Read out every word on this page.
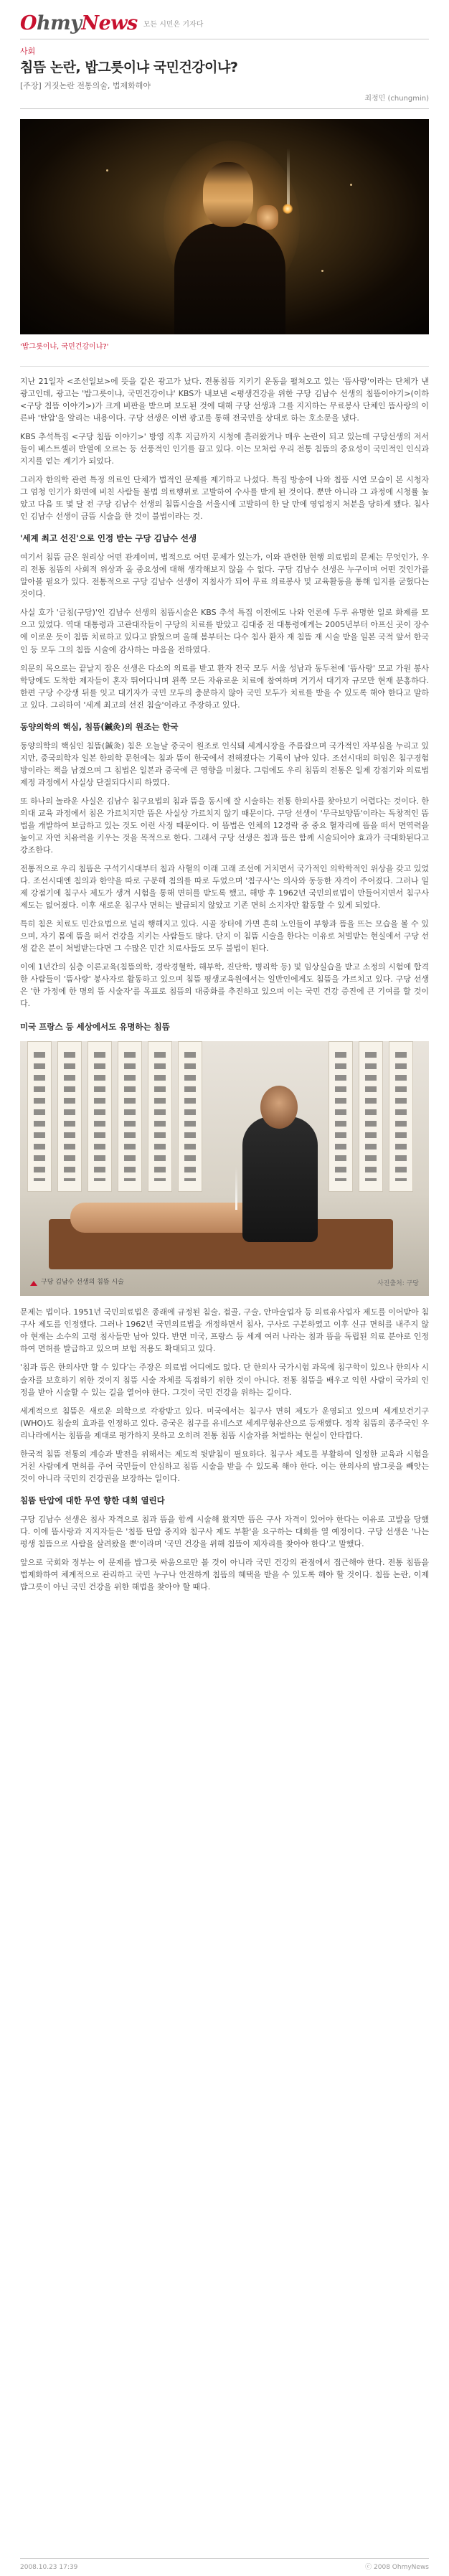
OhmyNews 모든 시민은 기자다
사회
침뜸 논란, 밥그릇이냐 국민건강이냐?
[주장] 거짓논란 전통의술, 법제화해야
최정민 (chungmin)
'밥그릇이냐, 국민건강이냐?'

지난 21일자 <조선일보>에 뜻을 같은 광고가 났다. 전통침뜸 지키기 운동을 펼쳐오고 있는 '뜸사랑'이라는 단체가 낸 광고인데, 광고는 '밥그릇이냐, 국민건강이냐' KBS가 내보낸 <평생건강을 위한 구당 김남수 선생의 침뜸이야기>(이하 <구당 침뜸 이야기>)가 크게 비판을 받으며 보도된 것에 대해 구당 선생과 그를 지지하는 무료봉사 단체인 뜸사랑의 이른바 '탄압'을 알리는 내용이다. 구당 선생은 이번 광고를 통해 전국민을 상대로 하는 호소문을 냈다.

KBS 추석특집 <구당 침뜸 이야기>' 방영 직후 지금까지 시청에 흘러왔거나 매우 논란이 되고 있는데 구당선생의 저서들이 베스트셀러 반열에 오르는 등 선풍적인 인기를 끌고 있다. 이는 모처럼 우리 전통 침뜸의 중요성이 국민적인 인식과 지지를 얻는 계기가 되었다.

그러자 한의학 관련 특정 의료인 단체가 법적인 문제를 제기하고 나섰다. 특집 방송에 나와 침뜸 시연 모습이 본 시청자 그 엄청 인기가 화면에 비친 사람들 불법 의료행위로 고발하여 수사를 받게 된 것이다. 뿐만 아니라 그 과정에 시청률 높았고 다음 또 몇 달 전 구당 김남수 선생의 침뜸시술을 서울시에 고발하여 한 달 만에 영업정지 처분을 당하게 됐다. 침사인 김남수 선생이 금뜸 시술을 한 것이 불법이라는 것.

'세계 최고 선진'으로 인정 받는 구당 김남수 선생

여기서 침뜸 금은 원리상 어떤 관계이며, 법적으로 어떤 문제가 있는가, 이와 관련한 현행 의료법의 문제는 무엇인가, 우리 전통 침뜸의 사회적 위상과 올 중요성에 대해 생각해보지 않을 수 없다. 구당 김남수 선생은 누구이며 어떤 것인가를 알아볼 필요가 있다. 전통적으로 구당 김남수 선생이 지침사가 되어 무료 의료봉사 및 교육활동을 통해 입지를 굳혔다는 것이다.

사실 호가 '금침(구당)'인 김남수 선생의 침뜸시술은 KBS 추석 특집 이전에도 나와 언론에 두루 유명한 일로 화제를 모으고 있었다. 역대 대통령과 고관대작들이 구당의 치료를 받았고 김대중 전 대통령에게는 2005년부터 아프신 곳이 장수에 이로운 듯이 침뜸 치료하고 있다고 밝혔으며 올해 봄부터는 다수 침사 환자 재 침뜸 재 시술 받을 일본 국적 앞서 한국인 등 모두 그의 침뜸 시술에 감사하는 마음을 전하였다.

의문의 목으로는 끝날지 잡은 선생은 다소의 의료를 받고 환자 전국 모두 서울 성남과 동두천에 '뜸사랑' 모교 가원 봉사 학당에도 도착한 제자들이 혼자 뛰어다니며 왼쪽 모든 자유로운 치료에 참여하며 거기서 대기자 규모만 현재 분홍하다. 한편 구당 수강생 뒤를 잇고 대기자가 국민 모두의 충분하지 않아 국민 모두가 치료를 받을 수 있도록 해야 한다고 말하고 있다. 그리하여 '세계 최고의 선진 침술'이라고 주장하고 있다.

동양의학의 핵심, 침뜸(鍼灸)의 원조는 한국

동양의학의 핵심인 침뜸(鍼灸) 침은 오늘날 중국이 원조로 인식돼 세계시장을 주름잡으며 국가적인 자부심을 누리고 있지만, 중국의학자 일본 한의학 문헌에는 침과 뜸이 한국에서 전해졌다는 기록이 남아 있다. 조선시대의 허임은 침구경험방이라는 책을 남겼으며 그 침법은 일본과 중국에 큰 영향을 미쳤다. 그럼에도 우리 침뜸의 전통은 일제 강점기와 의료법 제정 과정에서 사실상 단절되다시피 하였다.

또 하나의 놀라운 사실은 김남수 침구요법의 침과 뜸을 동시에 잘 시술하는 전통 한의사를 찾아보기 어렵다는 것이다. 한의대 교육 과정에서 침은 가르치지만 뜸은 사실상 가르치지 않기 때문이다. 구당 선생이 '무극보양뜸'이라는 독창적인 뜸법을 개발하여 보급하고 있는 것도 이런 사정 때문이다. 이 뜸법은 인체의 12경락 중 중요 혈자리에 뜸을 떠서 면역력을 높이고 자연 치유력을 키우는 것을 목적으로 한다. 그래서 구당 선생은 침과 뜸은 함께 시술되어야 효과가 극대화된다고 강조한다.

전통적으로 우리 침뜸은 구석기시대부터 침과 사혈의 이래 고래 조선에 거치면서 국가적인 의학학적인 위상을 갖고 있었다. 조선시대엔 침의과 한약을 따로 구분해 침의를 따로 두었으며 '침구사'는 의사와 동등한 자격이 주어졌다. 그러나 일제 강점기에 침구사 제도가 생겨 시험을 통해 면허를 받도록 했고, 해방 후 1962년 국민의료법이 만들어지면서 침구사 제도는 없어졌다. 이후 새로운 침구사 면허는 발급되지 않았고 기존 면허 소지자만 활동할 수 있게 되었다.

특히 침은 치료도 민간요법으로 널리 행해지고 있다. 시골 장터에 가면 흔히 노인들이 부항과 뜸을 뜨는 모습을 볼 수 있으며, 자기 몸에 뜸을 떠서 건강을 지키는 사람들도 많다. 단지 이 침뜸 시술을 한다는 이유로 처벌받는 현실에서 구당 선생 같은 분이 처벌받는다면 그 수많은 민간 치료사들도 모두 불법이 된다.

이에 1년간의 심층 이론교육(침뜸의학, 경락경혈학, 해부학, 진단학, 병리학 등) 및 임상실습을 받고 소정의 시험에 합격한 사람들이 '뜸사랑' 봉사자로 활동하고 있으며 침뜸 평생교육원에서는 일반인에게도 침뜸을 가르치고 있다. 구당 선생은 '한 가정에 한 명의 뜸 시술자'를 목표로 침뜸의 대중화를 추진하고 있으며 이는 국민 건강 증진에 큰 기여를 할 것이다.

미국 프랑스 등 세상에서도 유명하는 침뜸
구당 김남수 선생의 침뜸 시술	사진출처: 구당

문제는 법이다. 1951년 국민의료법은 종래에 규정된 침술, 접골, 구술, 안마술업자 등 의료유사업자 제도를 이어받아 침구사 제도를 인정했다. 그러나 1962년 국민의료법을 개정하면서 침사, 구사로 구분하였고 이후 신규 면허를 내주지 않아 현재는 소수의 고령 침사들만 남아 있다. 반면 미국, 프랑스 등 세계 여러 나라는 침과 뜸을 독립된 의료 분야로 인정하여 면허를 발급하고 있으며 보험 적용도 확대되고 있다.

'침과 뜸은 한의사만 할 수 있다'는 주장은 의료법 어디에도 없다. 단 한의사 국가시험 과목에 침구학이 있으나 한의사 시술자를 보호하기 위한 것이지 침뜸 시술 자체를 독점하기 위한 것이 아니다. 전통 침뜸을 배우고 익힌 사람이 국가의 인정을 받아 시술할 수 있는 길을 열어야 한다. 그것이 국민 건강을 위하는 길이다.

세계적으로 침뜸은 새로운 의학으로 각광받고 있다. 미국에서는 침구사 면허 제도가 운영되고 있으며 세계보건기구(WHO)도 침술의 효과를 인정하고 있다. 중국은 침구를 유네스코 세계무형유산으로 등재했다. 정작 침뜸의 종주국인 우리나라에서는 침뜸을 제대로 평가하지 못하고 오히려 전통 침뜸 시술자를 처벌하는 현실이 안타깝다.

한국적 침뜸 전통의 계승과 발전을 위해서는 제도적 뒷받침이 필요하다. 침구사 제도를 부활하여 일정한 교육과 시험을 거친 사람에게 면허를 주어 국민들이 안심하고 침뜸 시술을 받을 수 있도록 해야 한다. 이는 한의사의 밥그릇을 빼앗는 것이 아니라 국민의 건강권을 보장하는 일이다.

침뜸 탄압에 대한 무연 향한 대회 열린다

구당 김남수 선생은 침사 자격으로 침과 뜸을 함께 시술해 왔지만 뜸은 구사 자격이 있어야 한다는 이유로 고발을 당했다. 이에 뜸사랑과 지지자들은 '침뜸 탄압 중지와 침구사 제도 부활'을 요구하는 대회를 열 예정이다. 구당 선생은 '나는 평생 침뜸으로 사람을 살려왔을 뿐'이라며 '국민 건강을 위해 침뜸이 제자리를 찾아야 한다'고 말했다.

앞으로 국회와 정부는 이 문제를 밥그릇 싸움으로만 볼 것이 아니라 국민 건강의 관점에서 접근해야 한다. 전통 침뜸을 법제화하여 체계적으로 관리하고 국민 누구나 안전하게 침뜸의 혜택을 받을 수 있도록 해야 할 것이다. 침뜸 논란, 이제 밥그릇이 아닌 국민 건강을 위한 해법을 찾아야 할 때다.

2008.10.23 17:39	ⓒ 2008 OhmyNews
